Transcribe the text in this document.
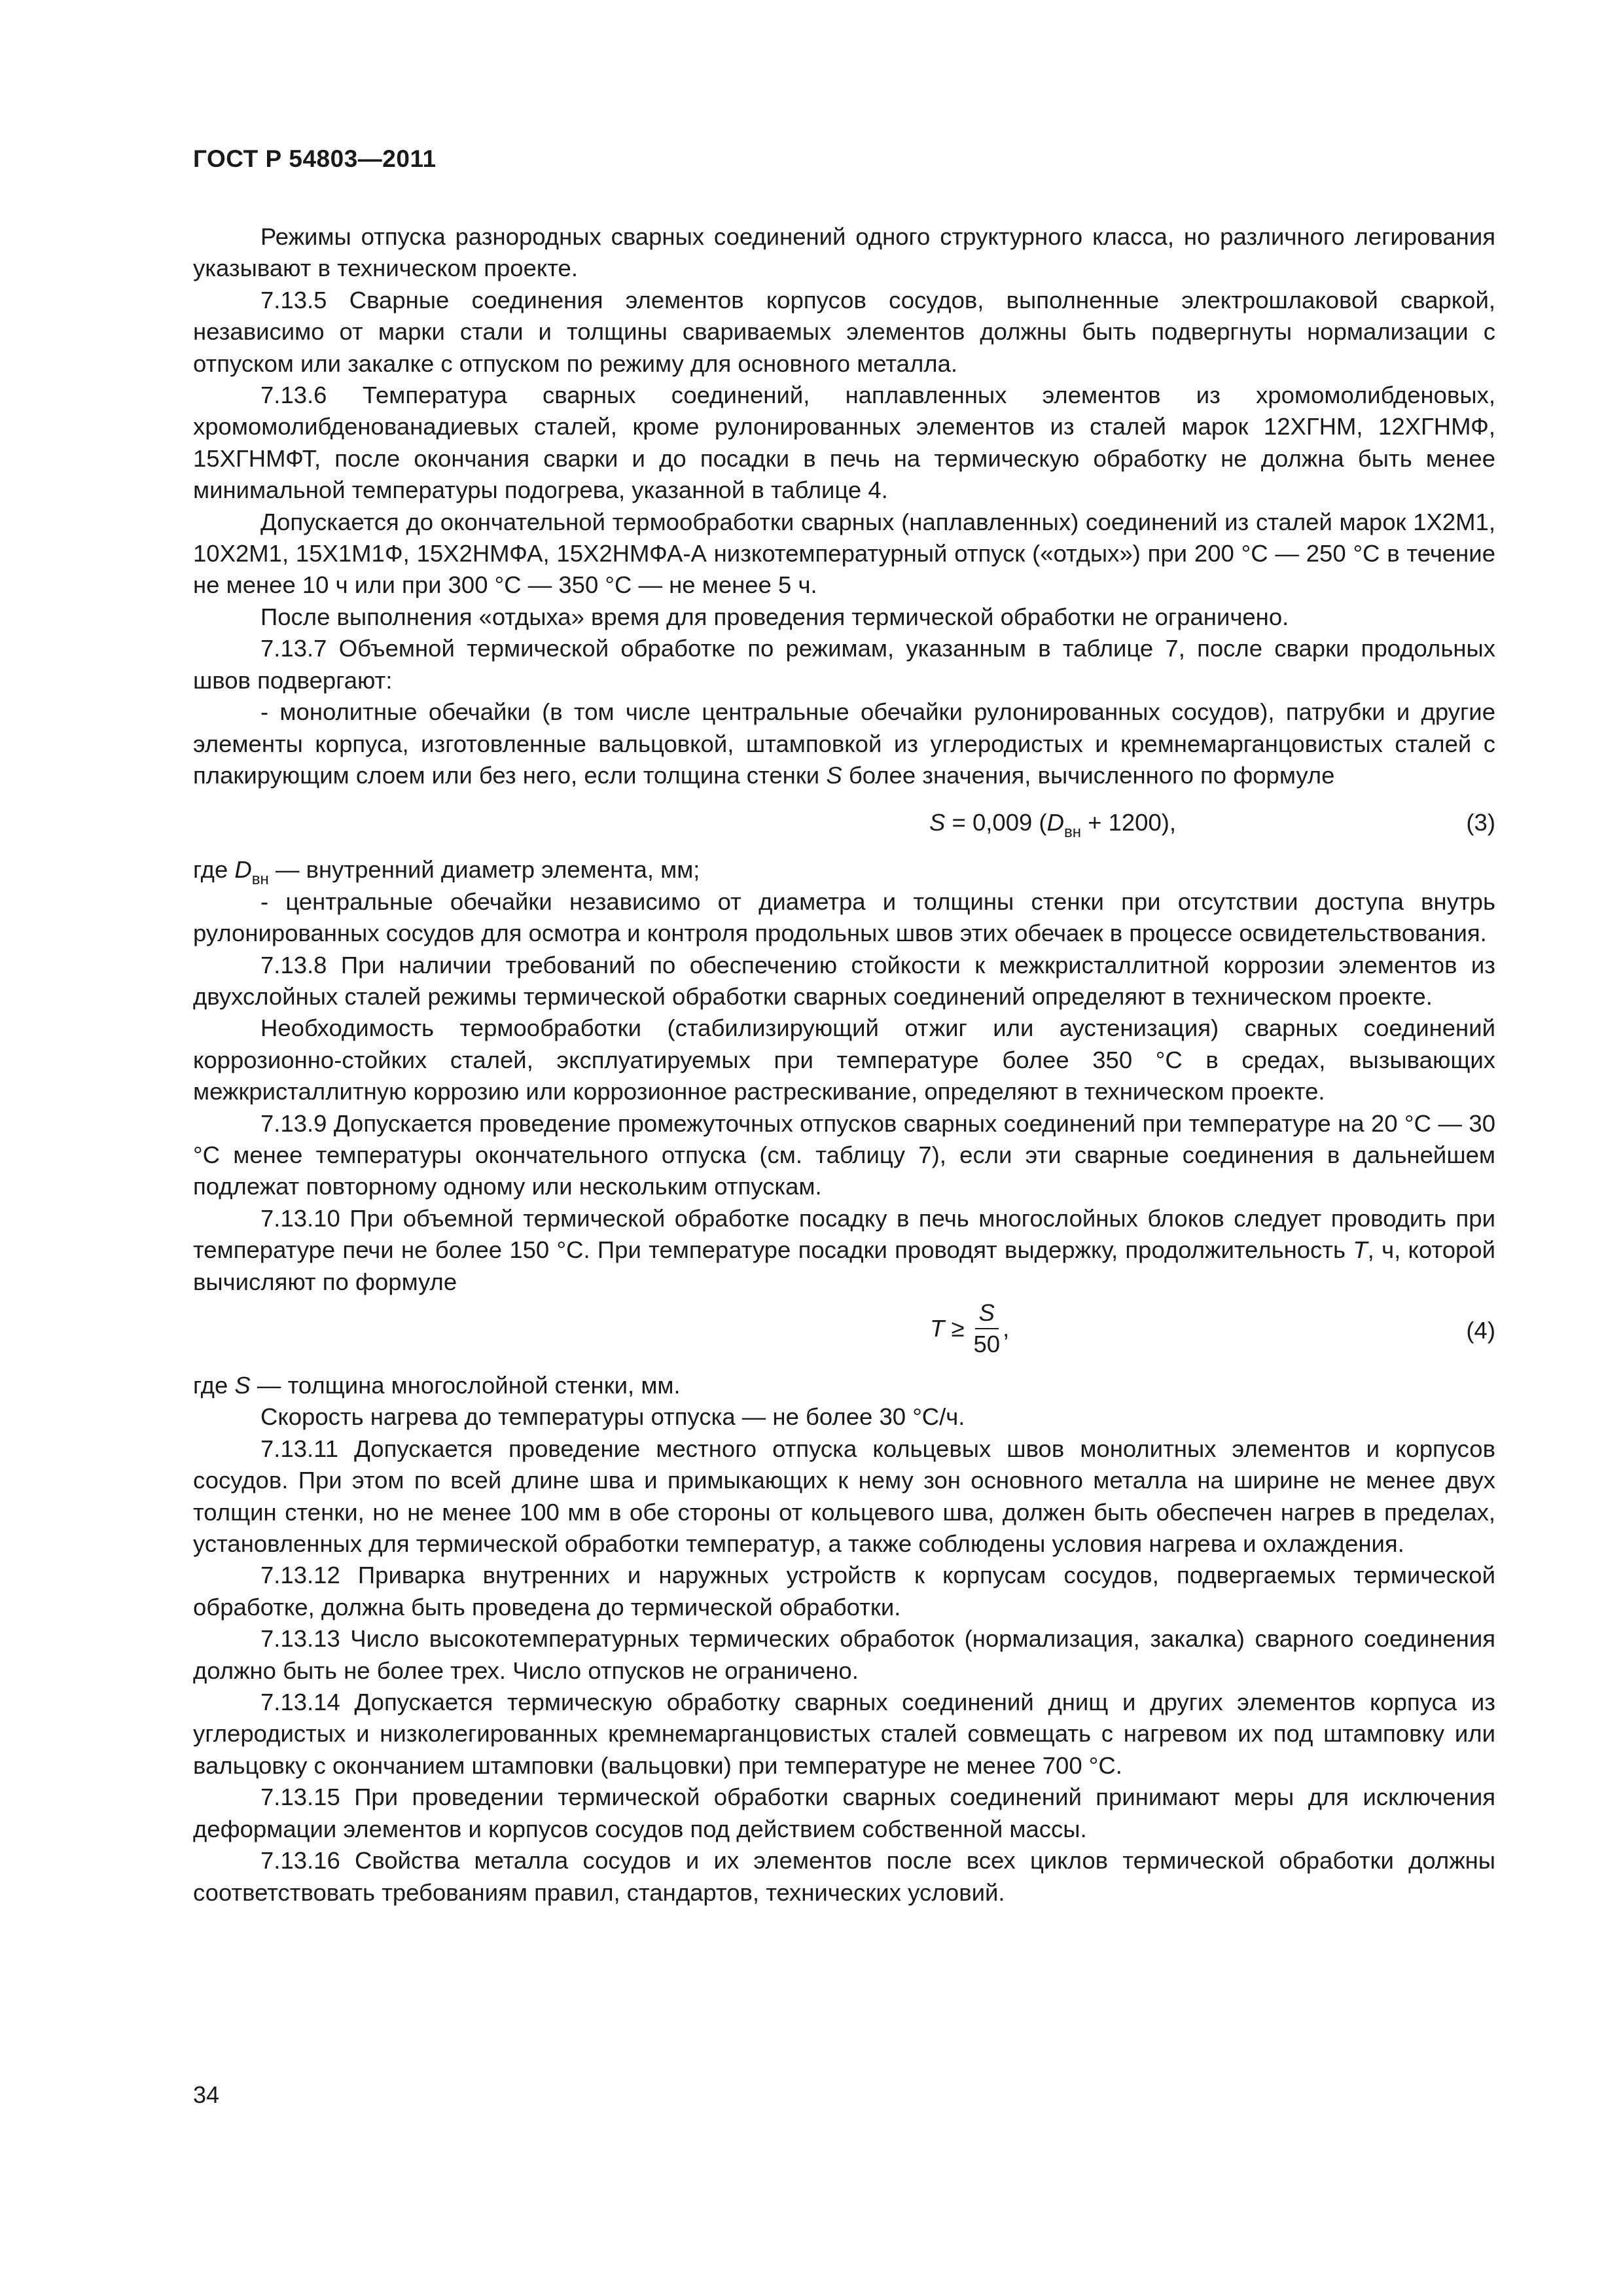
ГОСТ Р 54803—2011

Режимы отпуска разнородных сварных соединений одного структурного класса, но различного легирования указывают в техническом проекте.

7.13.5 Сварные соединения элементов корпусов сосудов, выполненные электрошлаковой сваркой, независимо от марки стали и толщины свариваемых элементов должны быть подвергнуты нормализации с отпуском или закалке с отпуском по режиму для основного металла.

7.13.6 Температура сварных соединений, наплавленных элементов из хромомолибденовых, хромомолибденованадиевых сталей, кроме рулонированных элементов из сталей марок 12ХГНМ, 12ХГНМФ, 15ХГНМФТ, после окончания сварки и до посадки в печь на термическую обработку не должна быть менее минимальной температуры подогрева, указанной в таблице 4.

Допускается до окончательной термообработки сварных (наплавленных) соединений из сталей марок 1Х2М1, 10Х2М1, 15Х1М1Ф, 15Х2НМФА, 15Х2НМФА-А низкотемпературный отпуск («отдых») при 200 °С — 250 °С в течение не менее 10 ч или при 300 °С — 350 °С — не менее 5 ч.

После выполнения «отдыха» время для проведения термической обработки не ограничено.

7.13.7 Объемной термической обработке по режимам, указанным в таблице 7, после сварки продольных швов подвергают:

- монолитные обечайки (в том числе центральные обечайки рулонированных сосудов), патрубки и другие элементы корпуса, изготовленные вальцовкой, штамповкой из углеродистых и кремнемарганцовистых сталей с плакирующим слоем или без него, если толщина стенки S более значения, вычисленного по формуле

S = 0,009 $(D_{вн} + 1200)$,	(3)

где $D_{вн}$ — внутренний диаметр элемента, мм;

- центральные обечайки независимо от диаметра и толщины стенки при отсутствии доступа внутрь рулонированных сосудов для осмотра и контроля продольных швов этих обечаек в процессе освидетельствования.

7.13.8 При наличии требований по обеспечению стойкости к межкристаллитной коррозии элементов из двухслойных сталей режимы термической обработки сварных соединений определяют в техническом проекте.

Необходимость термообработки (стабилизирующий отжиг или аустенизация) сварных соединений коррозионно-стойких сталей, эксплуатируемых при температуре более 350 °С в средах, вызывающих межкристаллитную коррозию или коррозионное растрескивание, определяют в техническом проекте.

7.13.9 Допускается проведение промежуточных отпусков сварных соединений при температуре на 20 °С — 30 °С менее температуры окончательного отпуска (см. таблицу 7), если эти сварные соединения в дальнейшем подлежат повторному одному или нескольким отпускам.

7.13.10 При объемной термической обработке посадку в печь многослойных блоков следует проводить при температуре печи не более 150 °С. При температуре посадки проводят выдержку, продолжительность T, ч, которой вычисляют по формуле

T
≥ $\frac{S}{50}$ ,	(4)

где S — толщина многослойной стенки, мм.

Скорость нагрева до температуры отпуска — не более 30 °С/ч.

7.13.11 Допускается проведение местного отпуска кольцевых швов монолитных элементов и корпусов сосудов. При этом по всей длине шва и примыкающих к нему зон основного металла на ширине не менее двух толщин стенки, но не менее 100 мм в обе стороны от кольцевого шва, должен быть обеспечен нагрев в пределах, установленных для термической обработки температур, а также соблюдены условия нагрева и охлаждения.

7.13.12 Приварка внутренних и наружных устройств к корпусам сосудов, подвергаемых термической обработке, должна быть проведена до термической обработки.

7.13.13 Число высокотемпературных термических обработок (нормализация, закалка) сварного соединения должно быть не более трех. Число отпусков не ограничено.

7.13.14 Допускается термическую обработку сварных соединений днищ и других элементов корпуса из углеродистых и низколегированных кремнемарганцовистых сталей совмещать с нагревом их под штамповку или вальцовку с окончанием штамповки (вальцовки) при температуре не менее 700 °С.

7.13.15 При проведении термической обработки сварных соединений принимают меры для исключения деформации элементов и корпусов сосудов под действием собственной массы.

7.13.16 Свойства металла сосудов и их элементов после всех циклов термической обработки должны соответствовать требованиям правил, стандартов, технических условий.

34
